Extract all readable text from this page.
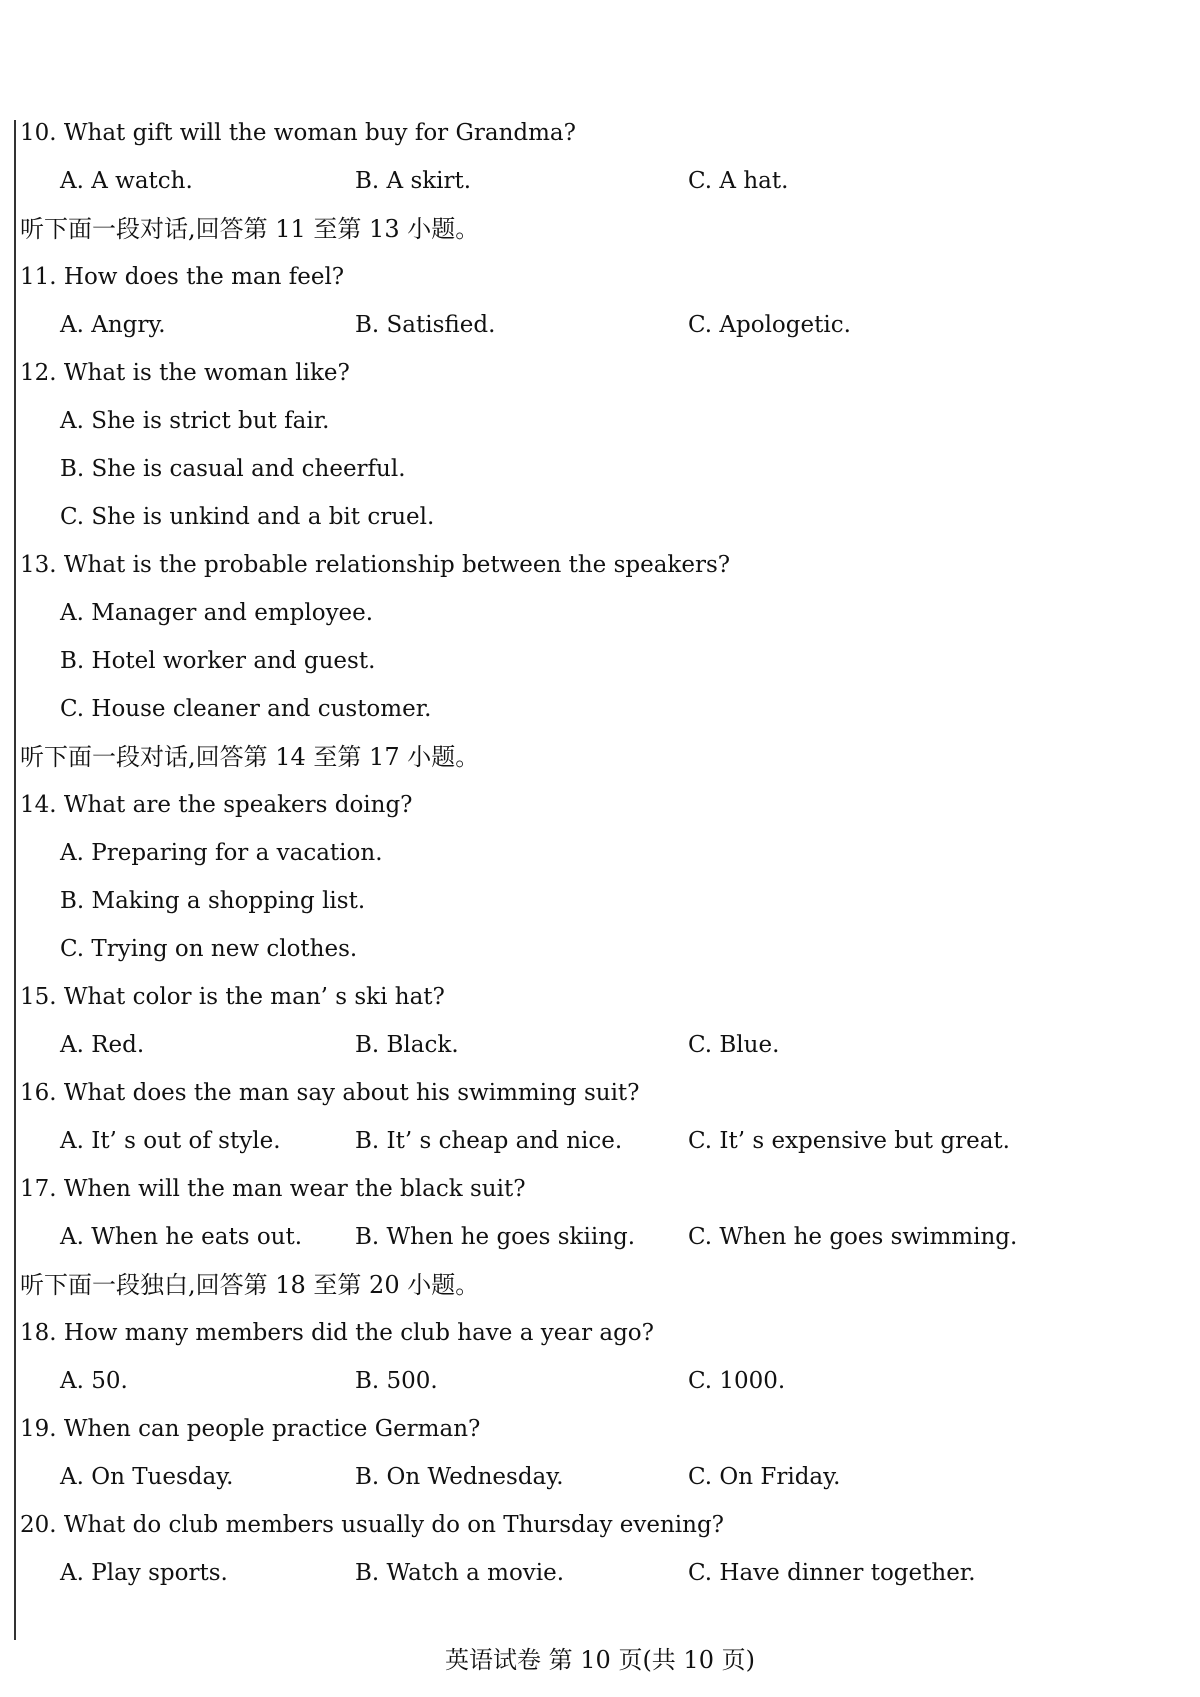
10. What gift will the woman buy for Grandma?
A. A watch.	B. A skirt.	C. A hat.
听下面一段对话,回答第 11 至第 13 小题。
11. How does the man feel?
A. Angry.	B. Satisfied.	C. Apologetic.
12. What is the woman like?
A. She is strict but fair.
B. She is casual and cheerful.
C. She is unkind and a bit cruel.
13. What is the probable relationship between the speakers?
A. Manager and employee.
B. Hotel worker and guest.
C. House cleaner and customer.
听下面一段对话,回答第 14 至第 17 小题。
14. What are the speakers doing?
A. Preparing for a vacation.
B. Making a shopping list.
C. Trying on new clothes.
15. What color is the man’ s ski hat?
A. Red.	B. Black.	C. Blue.
16. What does the man say about his swimming suit?
A. It’ s out of style.	B. It’ s cheap and nice.	C. It’ s expensive but great.
17. When will the man wear the black suit?
A. When he eats out. B. When he goes skiing. C. When he goes swimming.
听下面一段独白,回答第 18 至第 20 小题。
18. How many members did the club have a year ago?
A. 50.	B. 500.	C. 1000.
19. When can people practice German?
A. On Tuesday.	B. On Wednesday.	C. On Friday.
20. What do club members usually do on Thursday evening?
A. Play sports.	B. Watch a movie.	C. Have dinner together.
英语试卷 第 10 页(共 10 页)
